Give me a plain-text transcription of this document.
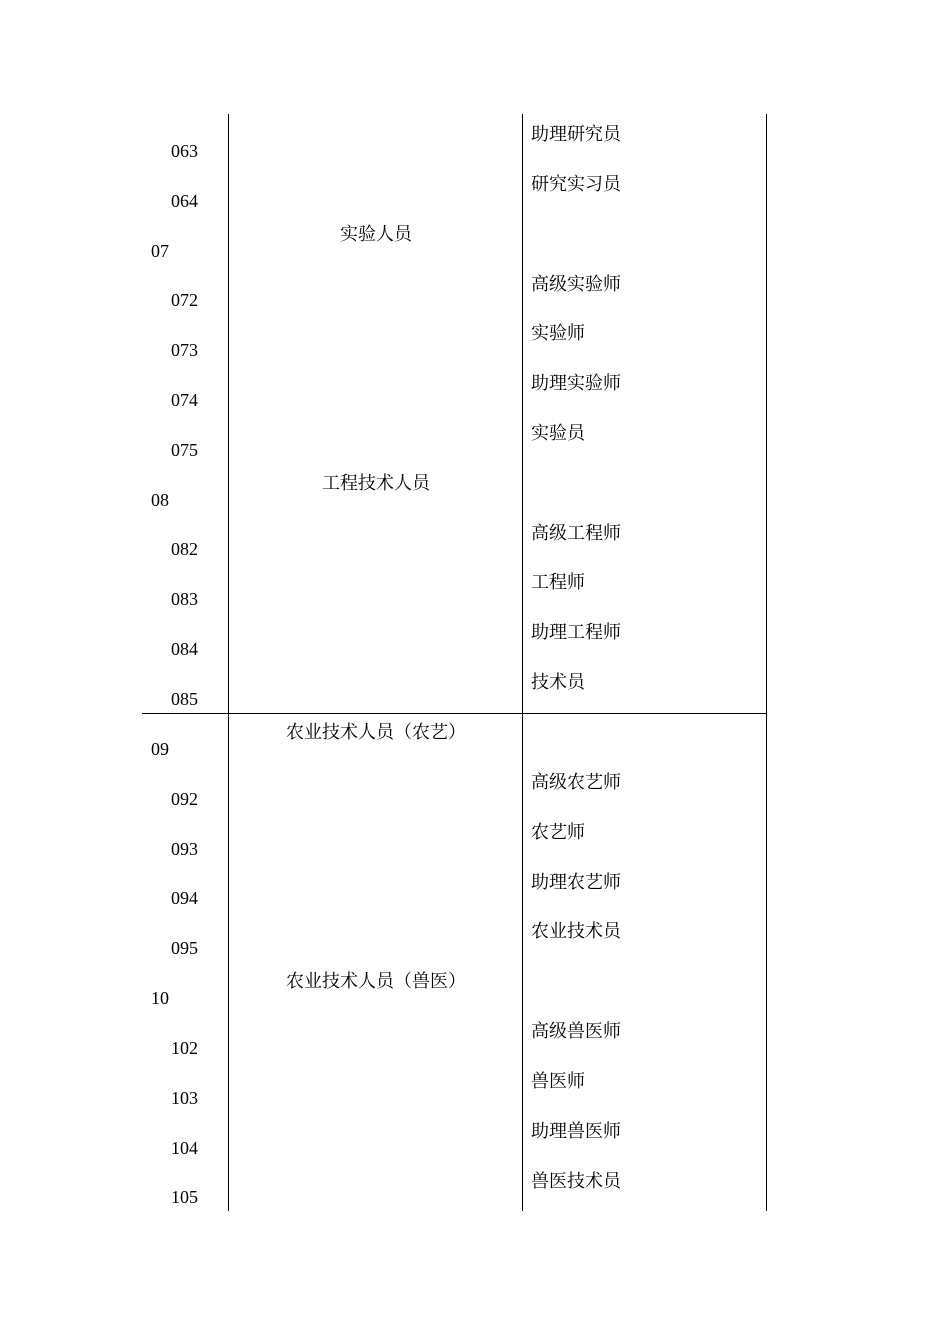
063
助理研究员
064
研究实习员
07
实验人员
072
高级实验师
073
实验师
074
助理实验师
075
实验员
08
工程技术人员
082
高级工程师
083
工程师
084
助理工程师
085
技术员
09
农业技术人员（农艺）
092
高级农艺师
093
农艺师
094
助理农艺师
095
农业技术员
10
农业技术人员（兽医）
102
高级兽医师
103
兽医师
104
助理兽医师
105
兽医技术员
